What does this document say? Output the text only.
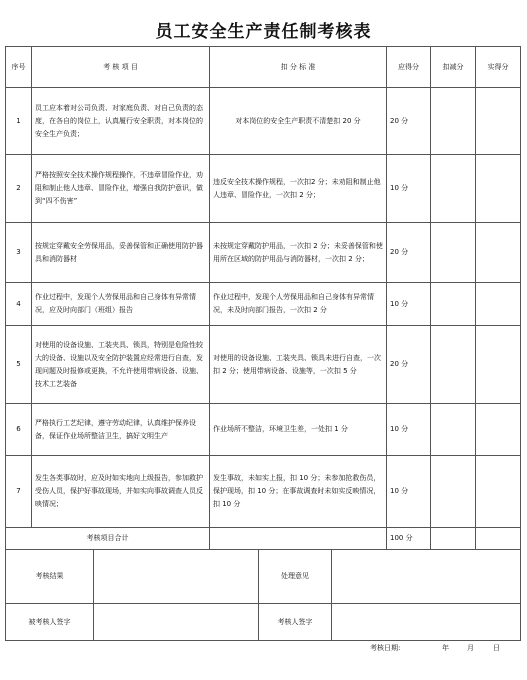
员工安全生产责任制考核表
序号	考 核 项 目	扣 分 标 准	应得分	扣减分	实得分
1	员工应本着对公司负责、对家庭负责、对自己负责的态度，在各自的岗位上，认真履行安全职责，对本岗位的安全生产负责；	对本岗位的安全生产职责不清楚扣 20 分	20 分		
2	严格按照安全技术操作规程操作，不违章冒险作业，劝阻和制止他人违章、冒险作业，增强自我防护意识，做到“四不伤害”	违反安全技术操作规程，一次扣2 分；未劝阻和制止他人违章、冒险作业，一次扣 2 分；	10 分		
3	按规定穿戴安全劳保用品，妥善保管和正确使用防护器具和消防器材	未按规定穿戴防护用品，一次扣 2 分；未妥善保管和使用所在区域的防护用品与消防器材，一次扣 2 分；	20 分		
4	作业过程中，发现个人劳保用品和自己身体有异常情况，应及时向部门（班组）报告	作业过程中，发现个人劳保用品和自己身体有异常情况，未及时向部门报告，一次扣 2 分	10 分		
5	对使用的设备设施、工装夹具、锁具，特别是危险性较大的设备、设施以及安全防护装置应经常进行自查，发现问题及时报修或更换，不允许使用带病设备、设施、技术工艺装备	对使用的设备设施、工装夹具、锁具未进行自查，一次扣 2 分；使用带病设备、设施等，一次扣 5 分	20 分		
6	严格执行工艺纪律，遵守劳动纪律，认真维护保养设备，保证作业场所整洁卫生，搞好文明生产	作业场所不整洁，环境卫生差，一处扣 1 分	10 分		
7	发生各类事故时，应及时如实地向上级报告，参加救护受伤人员，保护好事故现场，并如实向事故调查人员反映情况；	发生事故，未如实上报，扣 10 分；未参加抢救伤员，保护现场，扣 10 分；在事故调查时未如实反映情况，扣 10 分	10 分		
考核项目合计			100 分		
考核结果		处理意见	
被考核人签字		考核人签字	
考核日期:	年	月	日
